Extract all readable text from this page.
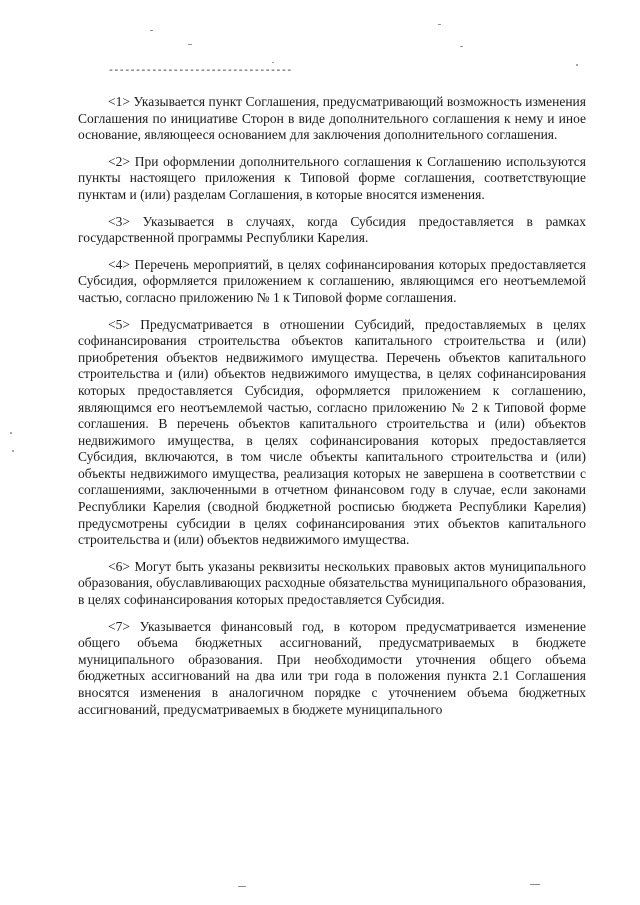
----------------------------------

<1> Указывается пункт Соглашения, предусматривающий возможность изменения Соглашения по инициативе Сторон в виде дополнительного соглашения к нему и иное основание, являющееся основанием для заключения дополнительного соглашения.

<2> При оформлении дополнительного соглашения к Соглашению используются пункты настоящего приложения к Типовой форме соглашения, соответствующие пунктам и (или) разделам Соглашения, в которые вносятся изменения.

<3> Указывается в случаях, когда Субсидия предоставляется в рамках государственной программы Республики Карелия.

<4> Перечень мероприятий, в целях софинансирования которых предоставляется Субсидия, оформляется приложением к соглашению, являющимся его неотъемлемой частью, согласно приложению № 1 к Типовой форме соглашения.

<5> Предусматривается в отношении Субсидий, предоставляемых в целях софинансирования строительства объектов капитального строительства и (или) приобретения объектов недвижимого имущества. Перечень объектов капитального строительства и (или) объектов недвижимого имущества, в целях софинансирования которых предоставляется Субсидия, оформляется приложением к соглашению, являющимся его неотъемлемой частью, согласно приложению № 2 к Типовой форме соглашения. В перечень объектов капитального строительства и (или) объектов недвижимого имущества, в целях софинансирования которых предоставляется Субсидия, включаются, в том числе объекты капитального строительства и (или) объекты недвижимого имущества, реализация которых не завершена в соответствии с соглашениями, заключенными в отчетном финансовом году в случае, если законами Республики Карелия (сводной бюджетной росписью бюджета Республики Карелия) предусмотрены субсидии в целях софинансирования этих объектов капитального строительства и (или) объектов недвижимого имущества.

<6> Могут быть указаны реквизиты нескольких правовых актов муниципального образования, обуславливающих расходные обязательства муниципального образования, в целях софинансирования которых предоставляется Субсидия.

<7> Указывается финансовый год, в котором предусматривается изменение общего объема бюджетных ассигнований, предусматриваемых в бюджете муниципального образования. При необходимости уточнения общего объема бюджетных ассигнований на два или три года в положения пункта 2.1 Соглашения вносятся изменения в аналогичном порядке с уточнением объема бюджетных ассигнований, предусматриваемых в бюджете муниципального
